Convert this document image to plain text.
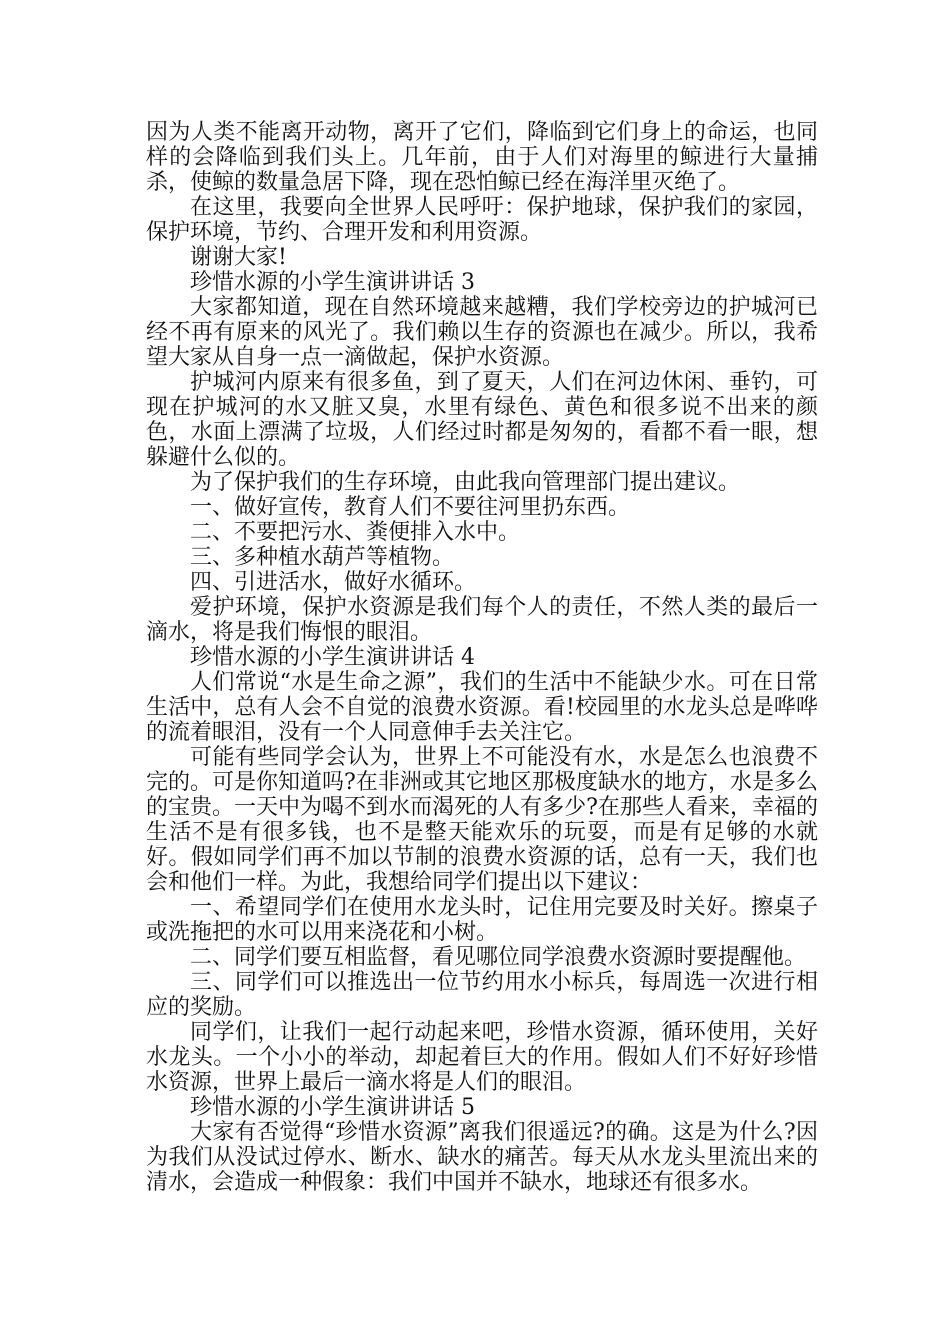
因为人类不能离开动物，离开了它们，降临到它们身上的命运，也同样的会降临到我们头上。几年前，由于人们对海里的鲸进行大量捕杀，使鲸的数量急居下降，现在恐怕鲸已经在海洋里灭绝了。

在这里，我要向全世界人民呼吁：保护地球，保护我们的家园，保护环境，节约、合理开发和利用资源。

谢谢大家!

珍惜水源的小学生演讲讲话 3

大家都知道，现在自然环境越来越糟，我们学校旁边的护城河已经不再有原来的风光了。我们赖以生存的资源也在减少。所以，我希望大家从自身一点一滴做起，保护水资源。

护城河内原来有很多鱼，到了夏天，人们在河边休闲、垂钓，可现在护城河的水又脏又臭，水里有绿色、黄色和很多说不出来的颜色，水面上漂满了垃圾，人们经过时都是匆匆的，看都不看一眼，想躲避什么似的。

为了保护我们的生存环境，由此我向管理部门提出建议。

一、做好宣传，教育人们不要往河里扔东西。

二、不要把污水、粪便排入水中。

三、多种植水葫芦等植物。

四、引进活水，做好水循环。

爱护环境，保护水资源是我们每个人的责任，不然人类的最后一滴水，将是我们悔恨的眼泪。

珍惜水源的小学生演讲讲话 4

人们常说“水是生命之源”，我们的生活中不能缺少水。可在日常生活中，总有人会不自觉的浪费水资源。看!校园里的水龙头总是哗哗的流着眼泪，没有一个人同意伸手去关注它。

可能有些同学会认为，世界上不可能没有水，水是怎么也浪费不完的。可是你知道吗?在非洲或其它地区那极度缺水的地方，水是多么的宝贵。一天中为喝不到水而渴死的人有多少?在那些人看来，幸福的生活不是有很多钱，也不是整天能欢乐的玩耍，而是有足够的水就好。假如同学们再不加以节制的浪费水资源的话，总有一天，我们也会和他们一样。为此，我想给同学们提出以下建议：

一、希望同学们在使用水龙头时，记住用完要及时关好。擦桌子或洗拖把的水可以用来浇花和小树。

二、同学们要互相监督，看见哪位同学浪费水资源时要提醒他。

三、同学们可以推选出一位节约用水小标兵，每周选一次进行相应的奖励。

同学们，让我们一起行动起来吧，珍惜水资源，循环使用，关好水龙头。一个小小的举动，却起着巨大的作用。假如人们不好好珍惜水资源，世界上最后一滴水将是人们的眼泪。

珍惜水源的小学生演讲讲话 5

大家有否觉得“珍惜水资源”离我们很遥远?的确。这是为什么?因为我们从没试过停水、断水、缺水的痛苦。每天从水龙头里流出来的清水，会造成一种假象：我们中国并不缺水，地球还有很多水。
